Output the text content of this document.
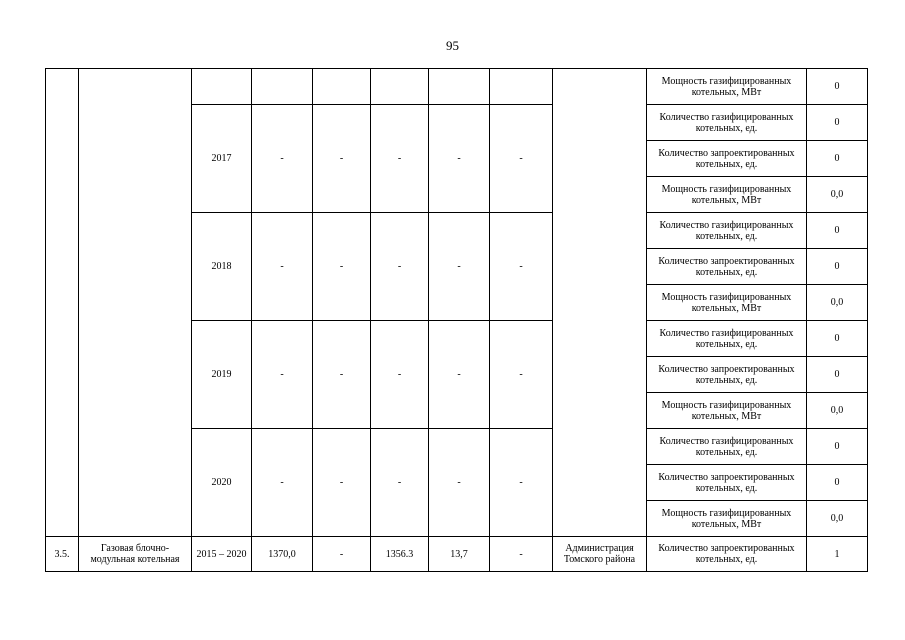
95
									Мощность газифицированных котельных, МВт	0
		2017	-	-	-	-	-		Количество газифицированных котельных, ед.	0
									Количество запроектированных котельных, ед.	0
									Мощность газифицированных котельных, МВт	0,0
		2018	-	-	-	-	-		Количество газифицированных котельных, ед.	0
									Количество запроектированных котельных, ед.	0
									Мощность газифицированных котельных, МВт	0,0
		2019	-	-	-	-	-		Количество газифицированных котельных, ед.	0
									Количество запроектированных котельных, ед.	0
									Мощность газифицированных котельных, МВт	0,0
		2020	-	-	-	-	-		Количество газифицированных котельных, ед.	0
									Количество запроектированных котельных, ед.	0
									Мощность газифицированных котельных, МВт	0,0
3.5.	Газовая блочно-модульная котельная	2015 – 2020	1370,0	-	1356.3	13,7	-	Администрация Томского района	Количество запроектированных котельных, ед.	1
